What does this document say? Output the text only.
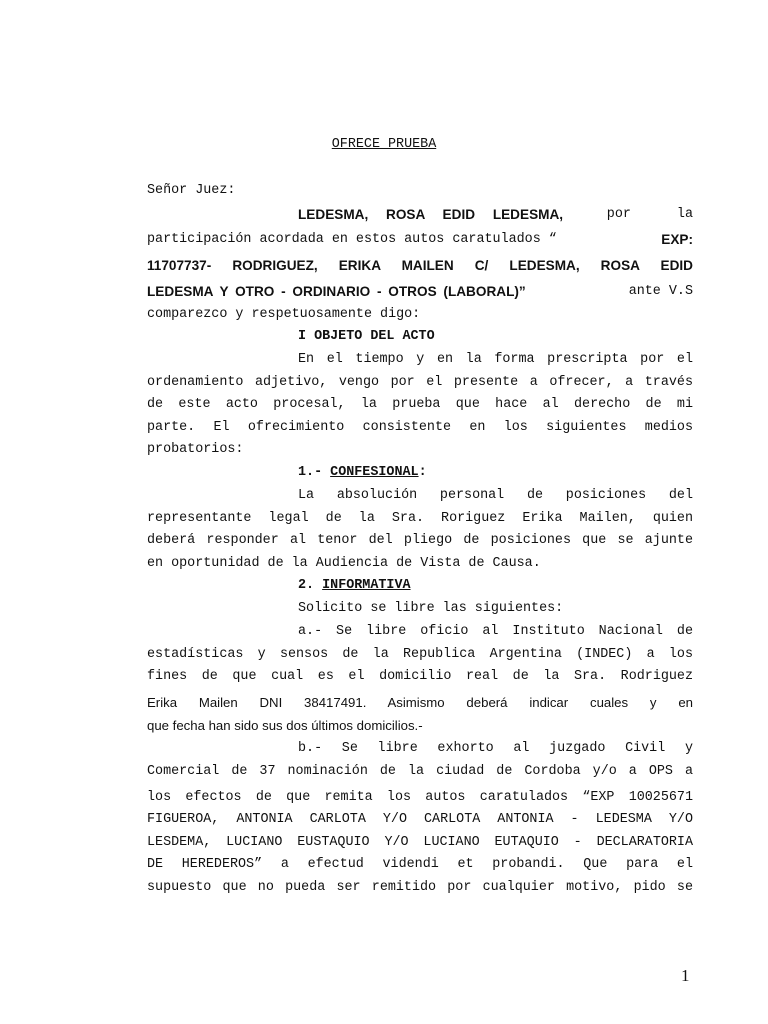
OFRECE PRUEBA
Señor Juez:
LEDESMA, ROSA EDID LEDESMA,	por la
participación acordada en estos autos caratulados “	EXP:
11707737- RODRIGUEZ, ERIKA MAILEN C/ LEDESMA, ROSA EDID
LEDESMA Y OTRO - ORDINARIO - OTROS (LABORAL)”	ante V.S
comparezco y respetuosamente digo:
I OBJETO DEL ACTO
En el tiempo y en la forma prescripta por el
ordenamiento adjetivo, vengo por el presente a ofrecer, a través
de este acto procesal, la prueba que hace al derecho de mi
parte. El ofrecimiento consistente en los siguientes medios
probatorios:
1.- CONFESIONAL:
La absolución personal de posiciones del
representante legal de la Sra. Roriguez Erika Mailen, quien
deberá responder al tenor del pliego de posiciones que se ajunte
en oportunidad de la Audiencia de Vista de Causa.
2. INFORMATIVA
Solicito se libre las siguientes:
a.- Se libre oficio al Instituto Nacional de
estadísticas y sensos de la Republica Argentina (INDEC) a los
fines de que cual es el domicilio real de la Sra. Rodriguez
Erika Mailen DNI 38417491. Asimismo deberá indicar cuales y en
que fecha han sido sus dos últimos domicilios.-
b.- Se libre exhorto al juzgado Civil y
Comercial de 37 nominación de la ciudad de Cordoba y/o a OPS a
los efectos de que remita los autos caratulados “EXP 10025671
FIGUEROA, ANTONIA CARLOTA Y/O CARLOTA ANTONIA - LEDESMA Y/O
LESDEMA, LUCIANO EUSTAQUIO Y/O LUCIANO EUTAQUIO - DECLARATORIA
DE HEREDEROS” a efectud videndi et probandi. Que para el
supuesto que no pueda ser remitido por cualquier motivo, pido se
1
